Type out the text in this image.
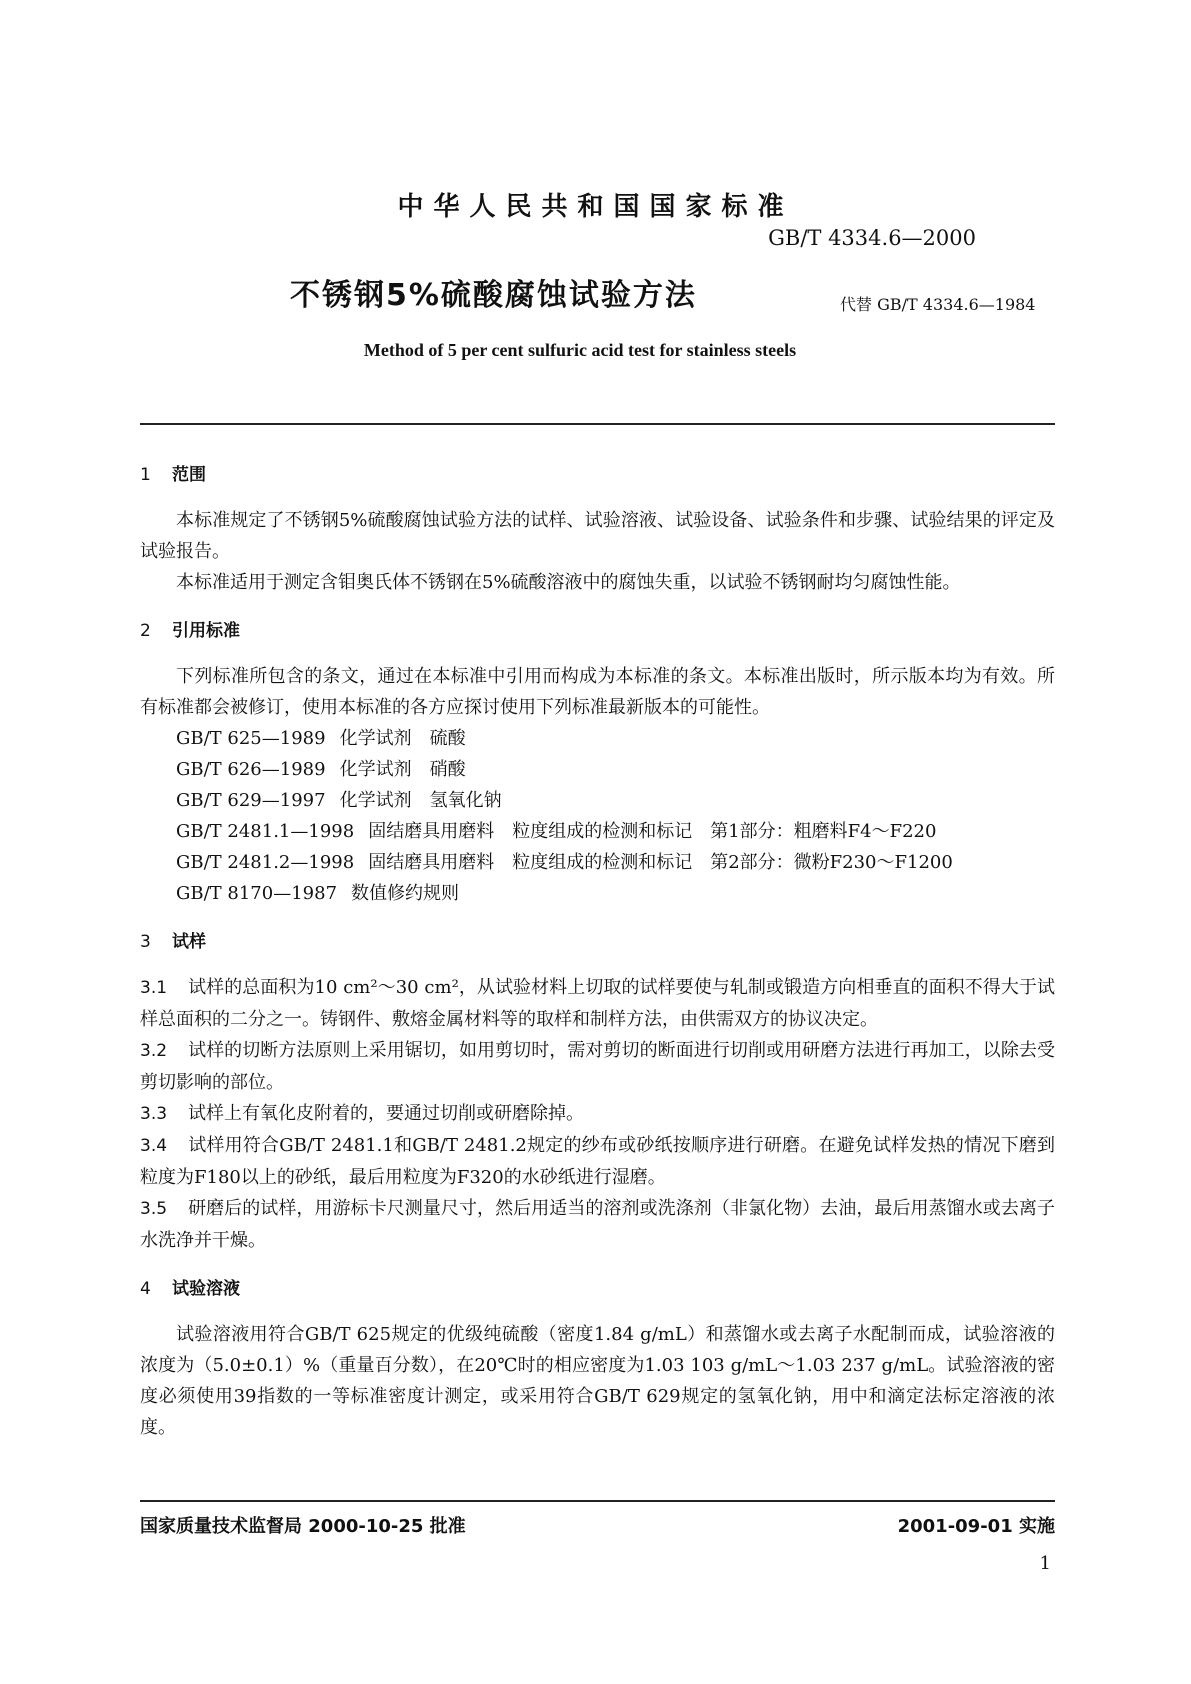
中华人民共和国国家标准
GB/T 4334.6—2000
不锈钢5%硫酸腐蚀试验方法	代替 GB/T 4334.6—1984
Method of 5 per cent sulfuric acid test for stainless steels

1 范围

本标准规定了不锈钢5%硫酸腐蚀试验方法的试样、试验溶液、试验设备、试验条件和步骤、试验结果的评定及试验报告。

本标准适用于测定含钼奥氏体不锈钢在5%硫酸溶液中的腐蚀失重，以试验不锈钢耐均匀腐蚀性能。

2 引用标准

下列标准所包含的条文，通过在本标准中引用而构成为本标准的条文。本标准出版时，所示版本均为有效。所有标准都会被修订，使用本标准的各方应探讨使用下列标准最新版本的可能性。

GB/T 625—1989 化学试剂　硫酸
GB/T 626—1989 化学试剂　硝酸
GB/T 629—1997 化学试剂　氢氧化钠
GB/T 2481.1—1998 固结磨具用磨料　粒度组成的检测和标记　第1部分：粗磨料F4～F220
GB/T 2481.2—1998 固结磨具用磨料　粒度组成的检测和标记　第2部分：微粉F230～F1200
GB/T 8170—1987 数值修约规则

3 试样

3.1 试样的总面积为10 cm²～30 cm²，从试验材料上切取的试样要使与轧制或锻造方向相垂直的面积不得大于试样总面积的二分之一。铸钢件、敷熔金属材料等的取样和制样方法，由供需双方的协议决定。

3.2 试样的切断方法原则上采用锯切，如用剪切时，需对剪切的断面进行切削或用研磨方法进行再加工，以除去受剪切影响的部位。

3.3 试样上有氧化皮附着的，要通过切削或研磨除掉。

3.4 试样用符合GB/T 2481.1和GB/T 2481.2规定的纱布或砂纸按顺序进行研磨。在避免试样发热的情况下磨到粒度为F180以上的砂纸，最后用粒度为F320的水砂纸进行湿磨。

3.5 研磨后的试样，用游标卡尺测量尺寸，然后用适当的溶剂或洗涤剂（非氯化物）去油，最后用蒸馏水或去离子水洗净并干燥。

4 试验溶液

试验溶液用符合GB/T 625规定的优级纯硫酸（密度1.84 g/mL）和蒸馏水或去离子水配制而成，试验溶液的浓度为（5.0±0.1）%（重量百分数），在20℃时的相应密度为1.03 103 g/mL～1.03 237 g/mL。试验溶液的密度必须使用39指数的一等标准密度计测定，或采用符合GB/T 629规定的氢氧化钠，用中和滴定法标定溶液的浓度。

国家质量技术监督局 2000-10-25 批准	2001-09-01 实施
1
